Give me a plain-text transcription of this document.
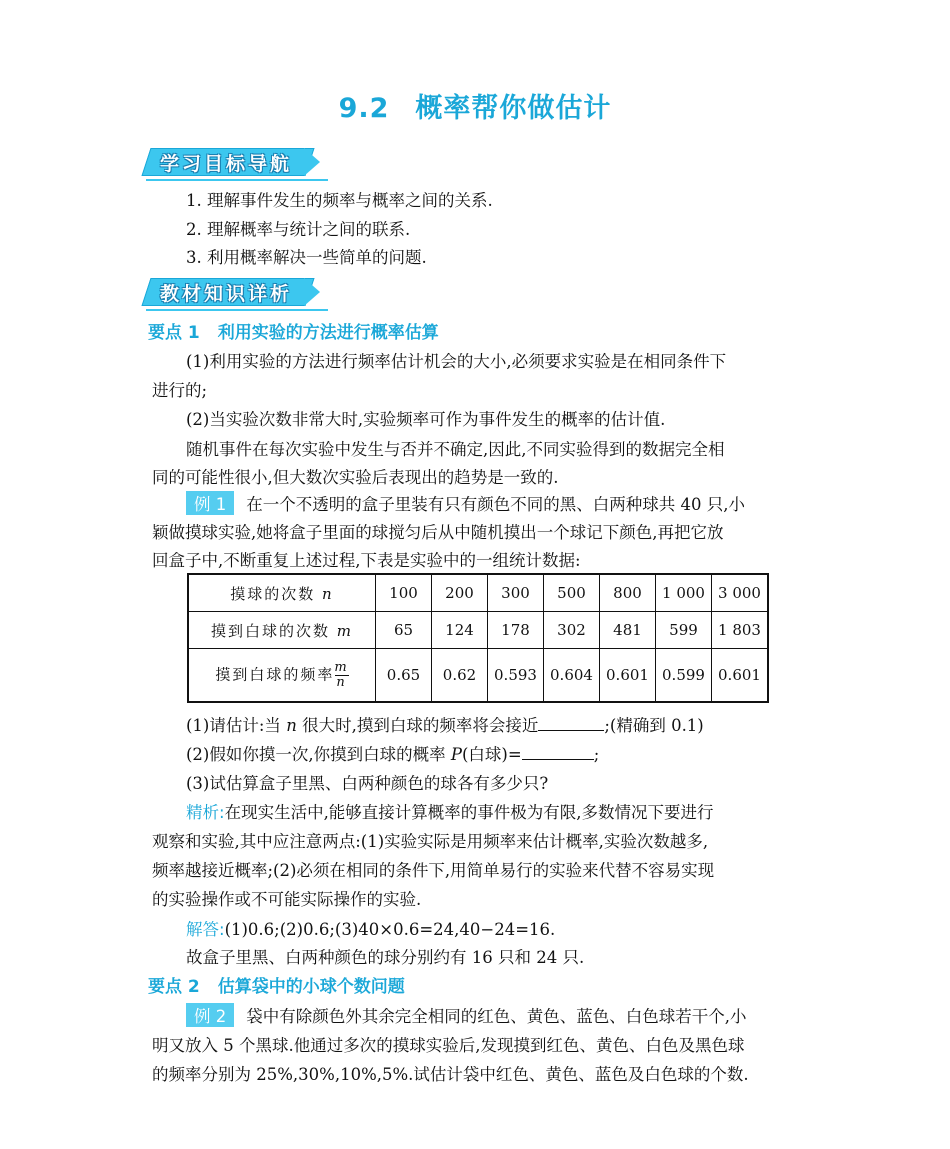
9.2 概率帮你做估计
学习目标导航
1. 理解事件发生的频率与概率之间的关系.
2. 理解概率与统计之间的联系.
3. 利用概率解决一些简单的问题.
教材知识详析
要点 1 利用实验的方法进行概率估算
(1)利用实验的方法进行频率估计机会的大小,必须要求实验是在相同条件下
进行的;
(2)当实验次数非常大时,实验频率可作为事件发生的概率的估计值.
随机事件在每次实验中发生与否并不确定,因此,不同实验得到的数据完全相
同的可能性很小,但大数次实验后表现出的趋势是一致的.
例 1 在一个不透明的盒子里装有只有颜色不同的黑、白两种球共 40 只,小
颖做摸球实验,她将盒子里面的球搅匀后从中随机摸出一个球记下颜色,再把它放
回盒子中,不断重复上述过程,下表是实验中的一组统计数据:
摸球的次数 n	100	200	300	500	800	1 000	3 000
摸到白球的次数 m	65	124	178	302	481	599	1 803
摸到白球的频率 $\frac{m}{n}$	0.65	0.62	0.593	0.604	0.601	0.599	0.601
(1)请估计:当 n 很大时,摸到白球的频率将会接近	;(精确到 0.1)
(2)假如你摸一次,你摸到白球的概率 P(白球)=	;
(3)试估算盒子里黑、白两种颜色的球各有多少只?
精析:在现实生活中,能够直接计算概率的事件极为有限,多数情况下要进行
观察和实验,其中应注意两点:(1)实验实际是用频率来估计概率,实验次数越多,
频率越接近概率;(2)必须在相同的条件下,用简单易行的实验来代替不容易实现
的实验操作或不可能实际操作的实验.
解答:(1)0.6;(2)0.6;(3)40×0.6=24,40−24=16.
故盒子里黑、白两种颜色的球分别约有 16 只和 24 只.
要点 2 估算袋中的小球个数问题
例 2 袋中有除颜色外其余完全相同的红色、黄色、蓝色、白色球若干个,小
明又放入 5 个黑球.他通过多次的摸球实验后,发现摸到红色、黄色、白色及黑色球
的频率分别为 25%,30%,10%,5%.试估计袋中红色、黄色、蓝色及白色球的个数.
